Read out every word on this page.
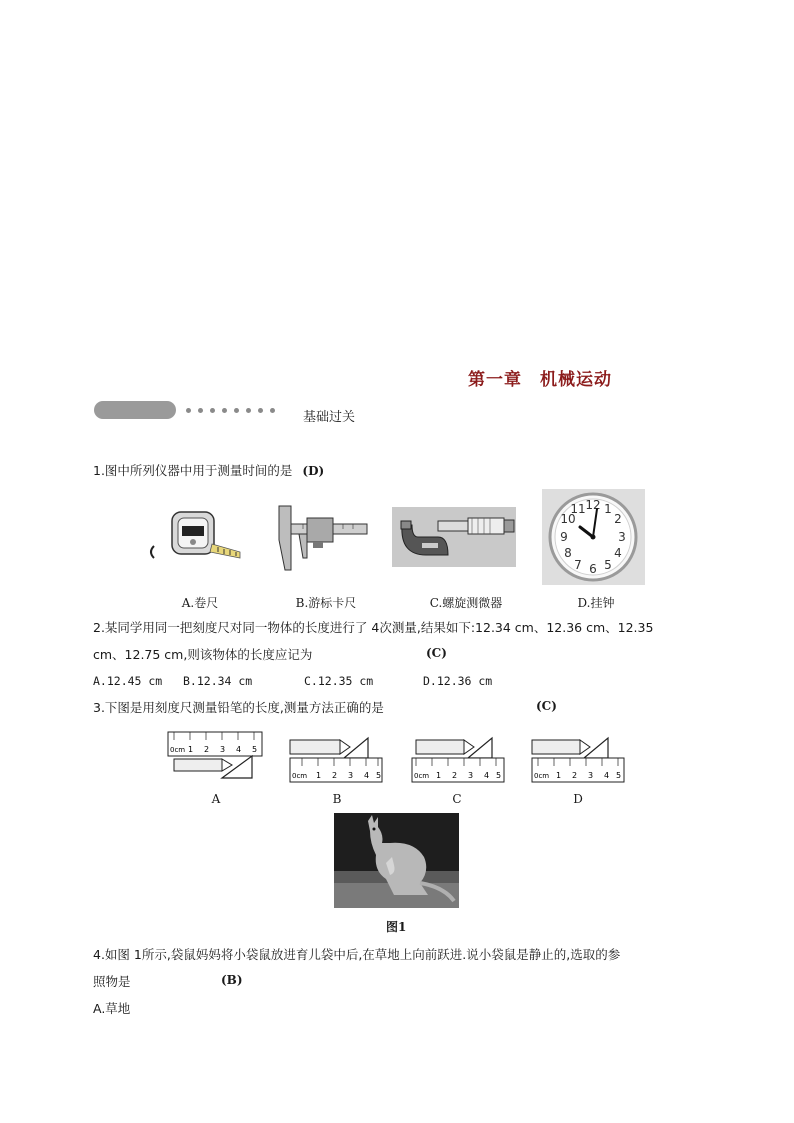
第一章　机械运动
基础过关
1.图中所列仪器中用于测量时间的是 (D)
12 1
2
3
4
5
6
7
8
9
10
11
A.卷尺	B.游标卡尺	C.螺旋测微器	D.挂钟
2.某同学用同一把刻度尺对同一物体的长度进行了 4次测量,结果如下:12.34 cm、12.36 cm、12.35
cm、12.75 cm,则该物体的长度应记为	(C)
A.12.45 cm B.12.34 cm	C.12.35 cm	D.12.36 cm
3.下图是用刻度尺测量铅笔的长度,测量方法正确的是	(C)
0cm 1 2 3 4 5
0cm 1 2 3 4 5	0cm 1 2 3 4 5	0cm 1 2 3 4 5
A	B	C	D
图1
4.如图 1所示,袋鼠妈妈将小袋鼠放进育儿袋中后,在草地上向前跃进.说小袋鼠是静止的,选取的参
照物是	(B)
A.草地
